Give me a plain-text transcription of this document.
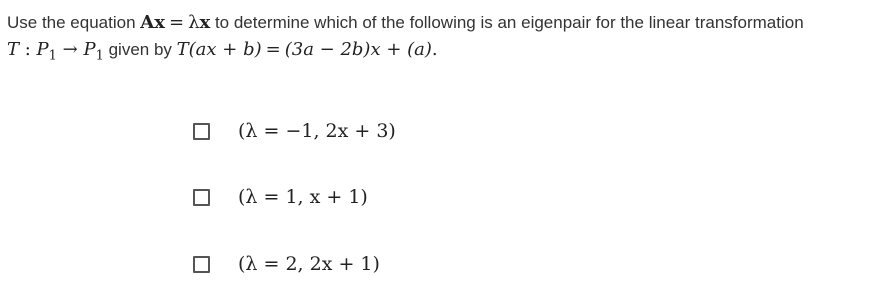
Use the equation Ax = λx to determine which of the following is an eigenpair for the linear transformation
T : $P_1 \to P_1$ given by T(ax + b) = (3a − 2b)x + (a).
(λ = −1, 2x + 3)
(λ = 1, x + 1)
(λ = 2, 2x + 1)
